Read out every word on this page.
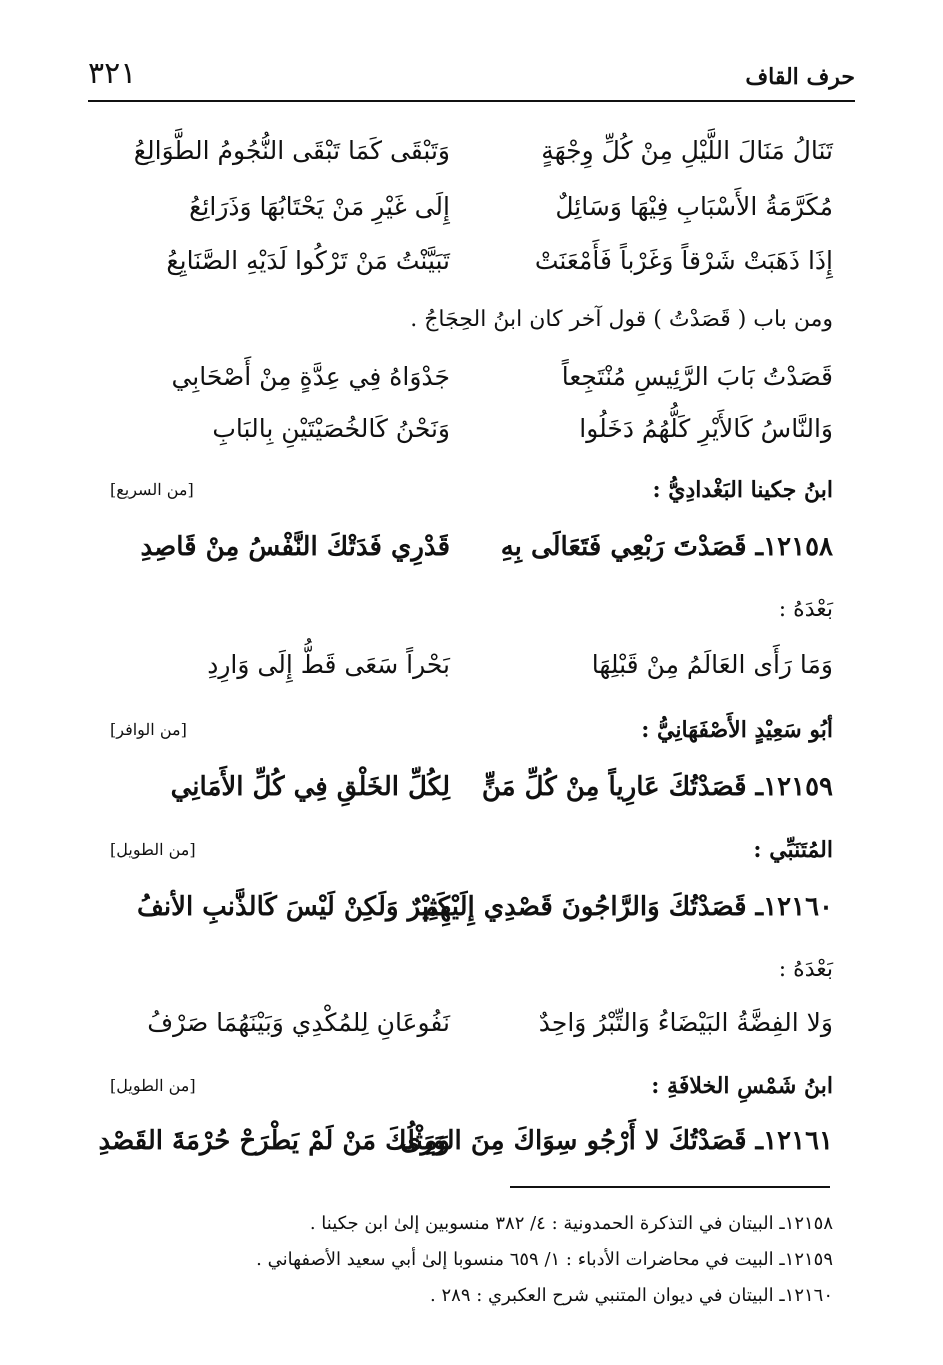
حرف القاف
٣٢١
تَنَالُ مَنَالَ اللَّيْلِ مِنْ كُلِّ وِجْهَةٍ
وَتَبْقَى كَمَا تَبْقَى النُّجُومُ الطَّوَالِعُ
مُكَرَّمَةُ الأَسْبَابِ فِيْهَا وَسَائِلٌ
إِلَى غَيْرِ مَنْ يَحْتَابُهَا وَذَرَائِعُ
إِذَا ذَهَبَتْ شَرْقاً وَغَرْباً فَأَمْعَنَتْ
تَبَيَّنْتُ مَنْ تَرْكُوا لَدَيْهِ الصَّنَايِعُ
ومن باب ( قَصَدْتُ ) قول آخر كان ابنُ الحِجَاجُ .
قَصَدْتُ بَابَ الرَّئِيسِ مُنْتَجِعاً
جَدْوَاهُ فِي عِدَّةٍ مِنْ أَصْحَابِي
وَالنَّاسُ كَالأَيْرِ كَلُّهُمُ دَخَلُوا
وَنَحْنُ كَالخُصَيْتَيْنِ بِالبَابِ
ابنُ جكينا البَغْدادِيُّ :
[من السريع]
١٢١٥٨ـ قَصَدْتَ رَبْعِي فَتَعَالَى بِهِ
قَدْرِي فَدَتْكَ النَّفْسُ مِنْ قَاصِدِ
بَعْدَهُ :
وَمَا رَأَى العَالَمُ مِنْ قَبْلِهَا
بَحْراً سَعَى قَطُّ إِلَى وَارِدِ
أبُو سَعِيْدٍ الأَصْفَهَانِيُّ :
[من الوافر]
١٢١٥٩ـ قَصَدْتُكَ عَارِياً مِنْ كُلِّ مَنٍّ
لِكُلِّ الخَلْقِ فِي كُلِّ الأَمَانِي
المُتَنَبِّي :
[من الطويل]
١٢١٦٠ـ قَصَدْتُكَ وَالرَّاجُونَ قَصْدِي إِلَيْهِم
كَثِيْرٌ وَلَكِنْ لَيْسَ كَالذَّنبِ الأنفُ
بَعْدَهُ :
وَلا الفِضَّةُ البَيْضَاءُ وَالتِّبْرُ وَاحِدٌ
نَفُوعَانِ لِلمُكْدِي وَبَيْنَهُمَا صَرْفُ
ابنُ شَمْسِ الخلافَةِ :
[من الطويل]
١٢١٦١ـ قَصَدْتُكَ لا أَرْجُو سِوَاكَ مِنَ الوَرَى
وَمِثْلُكَ مَنْ لَمْ يَطْرَحْ حُرْمَةَ القَصْدِ
١٢١٥٨ـ البيتان في التذكرة الحمدونية : ٤/ ٣٨٢ منسوبين إلىٰ ابن جكينا .
١٢١٥٩ـ البيت في محاضرات الأدباء : ١/ ٦٥٩ منسوبا إلىٰ أبي سعيد الأصفهاني .
١٢١٦٠ـ البيتان في ديوان المتنبي شرح العكبري : ٢٨٩ .
